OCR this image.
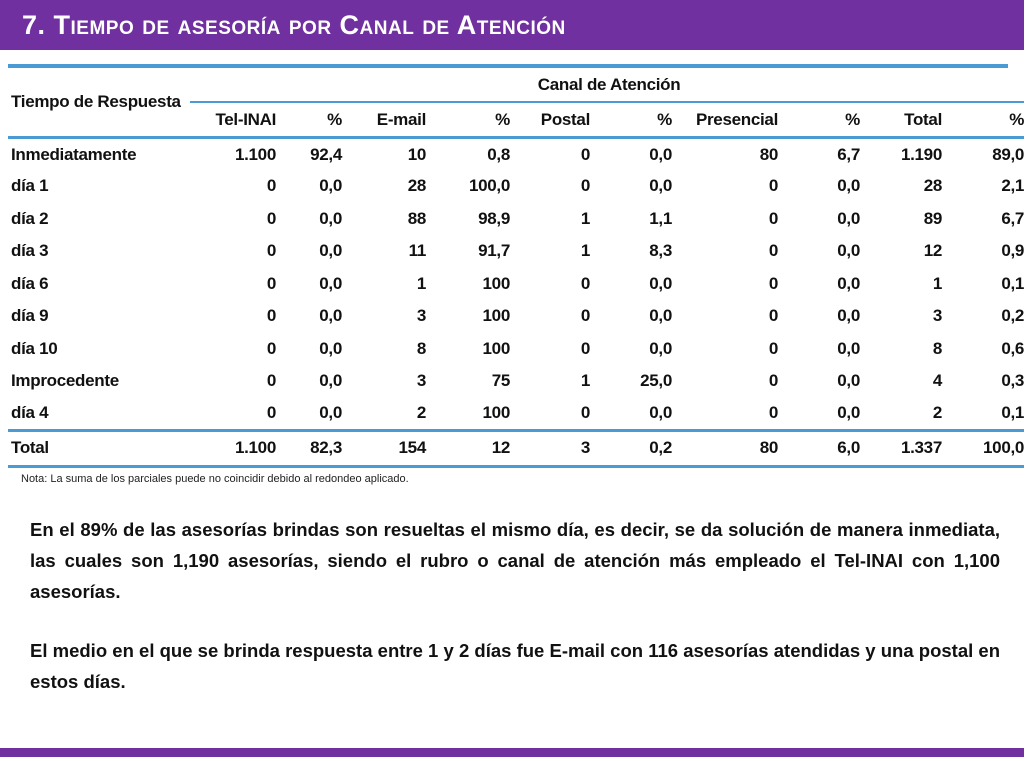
7. Tiempo de asesoría por Canal de Atención
Tiempo de Respuesta	Canal de Atención									
	Tel-INAI	%	E-mail	%	Postal	%	Presencial	%	Total	%
Inmediatamente	1.100	92,4	10	0,8	0	0,0	80	6,7	1.190	89,0
día 1	0	0,0	28	100,0	0	0,0	0	0,0	28	2,1
día 2	0	0,0	88	98,9	1	1,1	0	0,0	89	6,7
día 3	0	0,0	11	91,7	1	8,3	0	0,0	12	0,9
día 6	0	0,0	1	100	0	0,0	0	0,0	1	0,1
día 9	0	0,0	3	100	0	0,0	0	0,0	3	0,2
día 10	0	0,0	8	100	0	0,0	0	0,0	8	0,6
Improcedente	0	0,0	3	75	1	25,0	0	0,0	4	0,3
día 4	0	0,0	2	100	0	0,0	0	0,0	2	0,1
Total	1.100	82,3	154	12	3	0,2	80	6,0	1.337	100,0
Nota: La suma de los parciales puede no coincidir debido al redondeo aplicado.

En el 89% de las asesorías brindas son resueltas el mismo día, es decir, se da solución de manera inmediata, las cuales son 1,190 asesorías, siendo el rubro o canal de atención más empleado el Tel-INAI con 1,100 asesorías.

El medio en el que se brinda respuesta entre 1 y 2 días fue E-mail con 116 asesorías atendidas y una postal en estos días.
